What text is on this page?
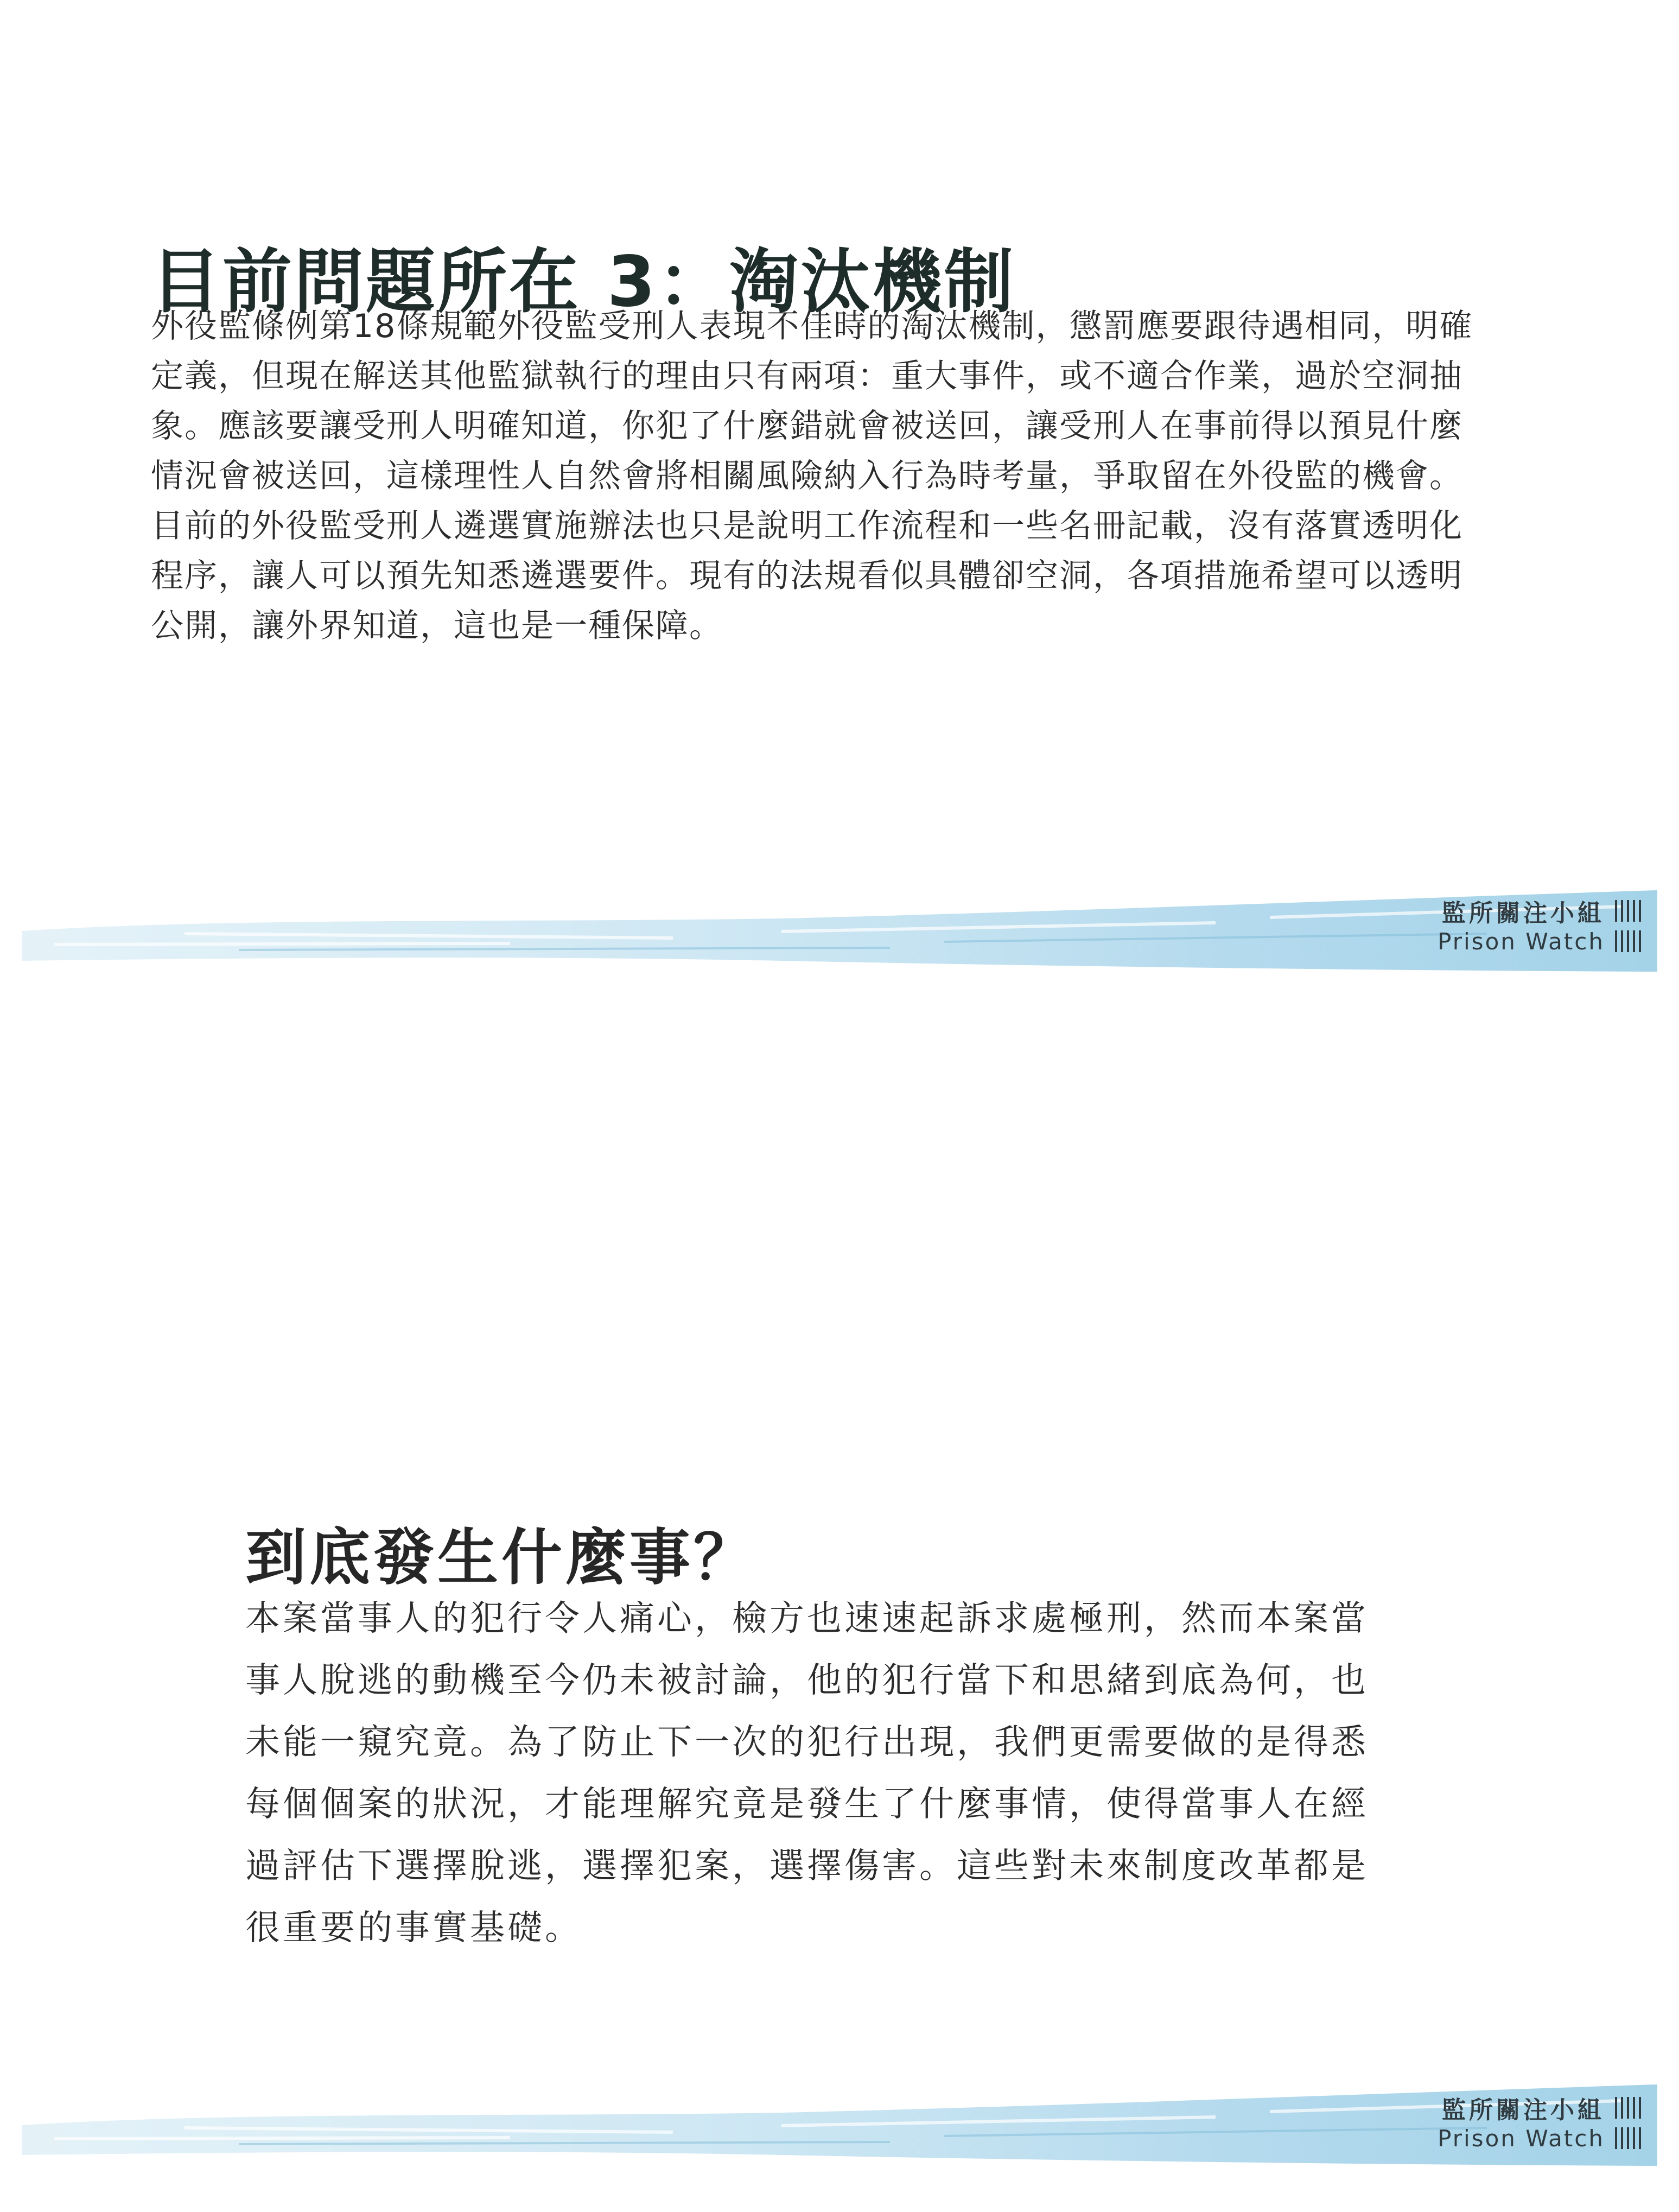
目前問題所在 3：淘汰機制
外役監條例第18條規範外役監受刑人表現不佳時的淘汰機制，懲罰應要跟待遇相同，明確
定義，但現在解送其他監獄執行的理由只有兩項：重大事件，或不適合作業，過於空洞抽
象。應該要讓受刑人明確知道，你犯了什麼錯就會被送回，讓受刑人在事前得以預見什麼
情況會被送回，這樣理性人自然會將相關風險納入行為時考量，爭取留在外役監的機會。
目前的外役監受刑人遴選實施辦法也只是說明工作流程和一些名冊記載，沒有落實透明化
程序，讓人可以預先知悉遴選要件。現有的法規看似具體卻空洞，各項措施希望可以透明
公開，讓外界知道，這也是一種保障。
監所關注小組
Prison Watch
到底發生什麼事？
本案當事人的犯行令人痛心，檢方也速速起訴求處極刑，然而本案當
事人脫逃的動機至今仍未被討論，他的犯行當下和思緒到底為何，也
未能一窺究竟。為了防止下一次的犯行出現，我們更需要做的是得悉
每個個案的狀況，才能理解究竟是發生了什麼事情，使得當事人在經
過評估下選擇脫逃，選擇犯案，選擇傷害。這些對未來制度改革都是
很重要的事實基礎。
監所關注小組
Prison Watch
